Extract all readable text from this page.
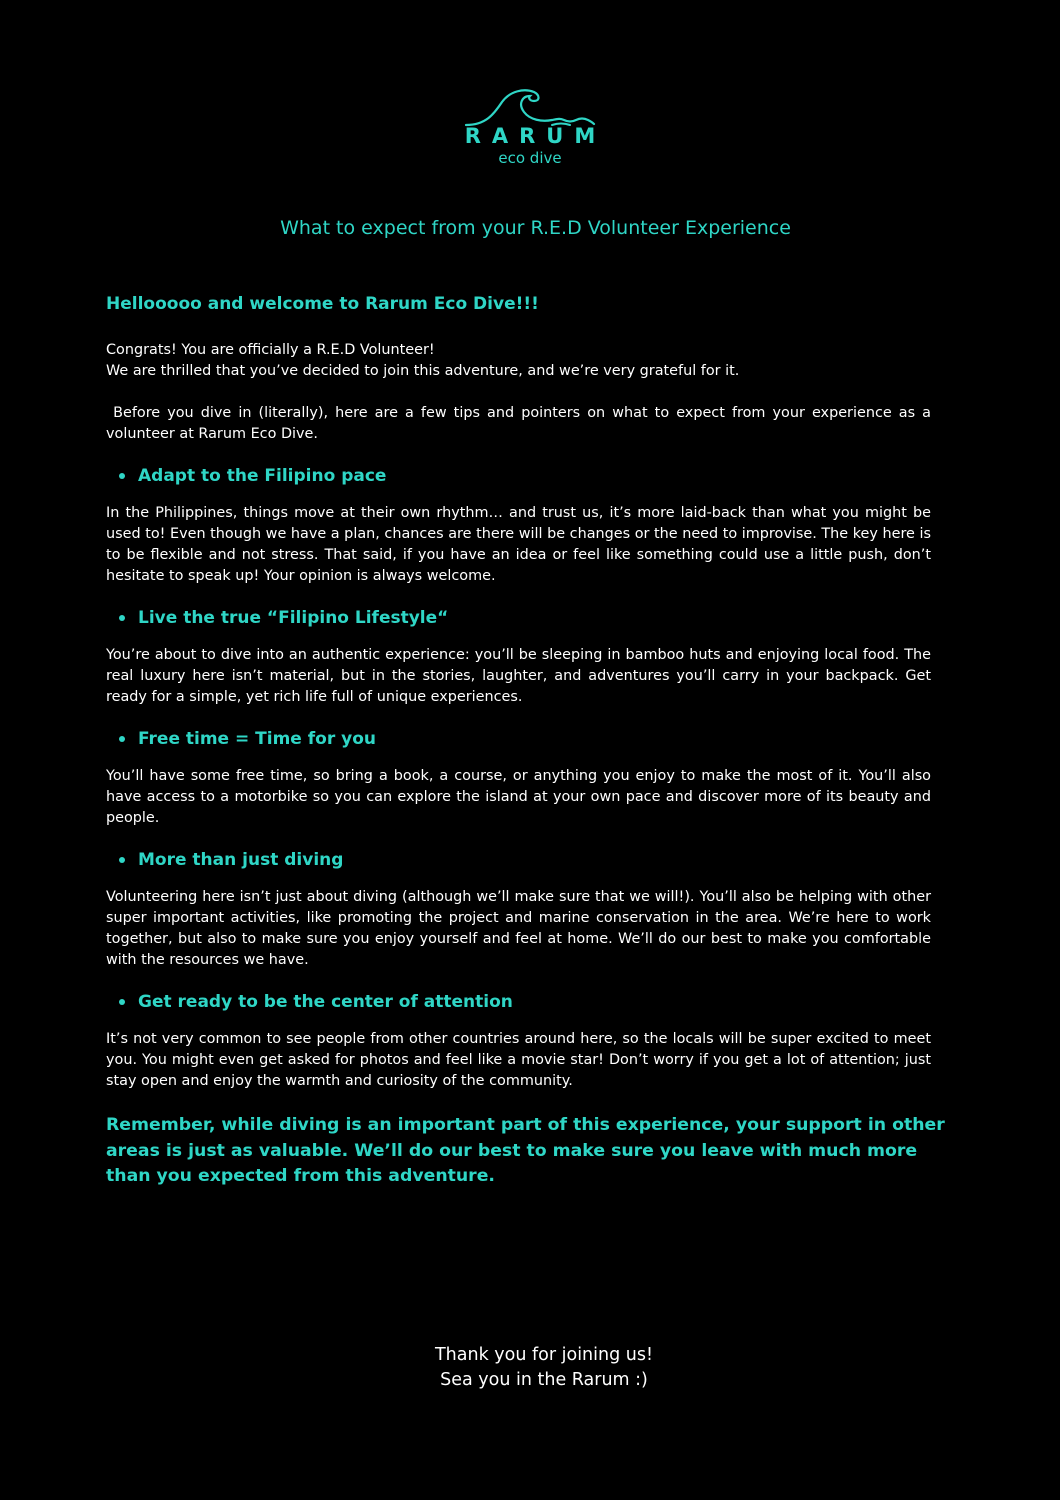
RARUM
eco dive
What to expect from your R.E.D Volunteer Experience
Hellooooo and welcome to Rarum Eco Dive!!!

Congrats! You are officially a R.E.D Volunteer!

We are thrilled that you’ve decided to join this adventure, and we’re very grateful for it.

Before you dive in (literally), here are a few tips and pointers on what to expect from your experience as a volunteer at Rarum Eco Dive.

Adapt to the Filipino pace

In the Philippines, things move at their own rhythm… and trust us, it’s more laid-back than what you might be used to! Even though we have a plan, chances are there will be changes or the need to improvise. The key here is to be flexible and not stress. That said, if you have an idea or feel like something could use a little push, don’t hesitate to speak up! Your opinion is always welcome.

Live the true “Filipino Lifestyle“

You’re about to dive into an authentic experience: you’ll be sleeping in bamboo huts and enjoying local food. The real luxury here isn’t material, but in the stories, laughter, and adventures you’ll carry in your backpack. Get ready for a simple, yet rich life full of unique experiences.

Free time = Time for you

You’ll have some free time, so bring a book, a course, or anything you enjoy to make the most of it. You’ll also have access to a motorbike so you can explore the island at your own pace and discover more of its beauty and people.

More than just diving

Volunteering here isn’t just about diving (although we’ll make sure that we will!). You’ll also be helping with other super important activities, like promoting the project and marine conservation in the area. We’re here to work together, but also to make sure you enjoy yourself and feel at home. We’ll do our best to make you comfortable with the resources we have.

Get ready to be the center of attention

It’s not very common to see people from other countries around here, so the locals will be super excited to meet you. You might even get asked for photos and feel like a movie star! Don’t worry if you get a lot of attention; just stay open and enjoy the warmth and curiosity of the community.

Remember, while diving is an important part of this experience, your support in other areas is just as valuable. We’ll do our best to make sure you leave with much more than you expected from this adventure.
Thank you for joining us!
Sea you in the Rarum :)
